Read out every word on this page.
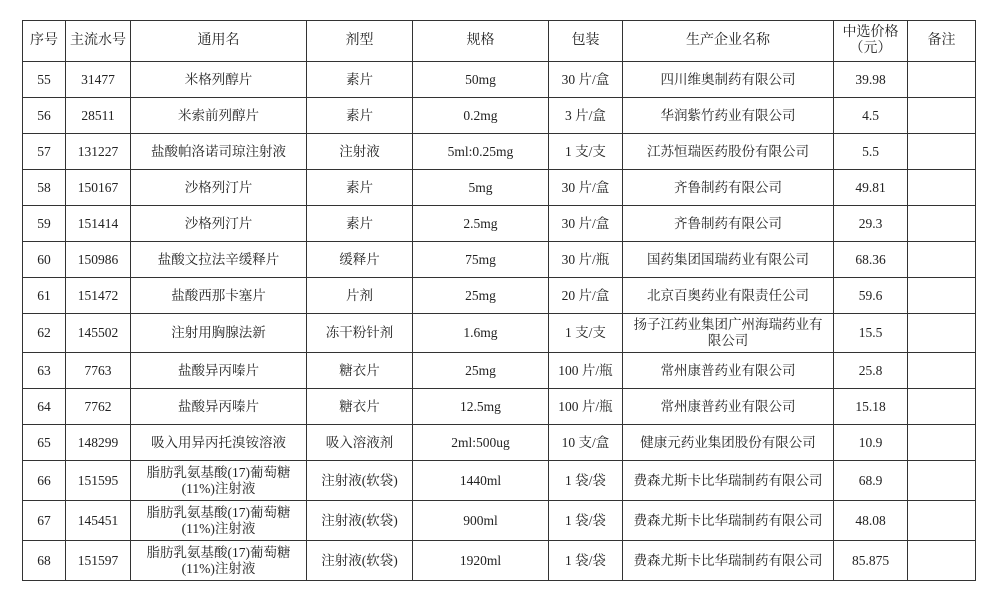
序号	主流水号	通用名	剂型	规格	包装	生产企业名称	中选价格（元）	备注
55	31477	米格列醇片	素片	50mg	30 片/盒	四川维奥制药有限公司	39.98	
56	28511	米索前列醇片	素片	0.2mg	3 片/盒	华润紫竹药业有限公司	4.5	
57	131227	盐酸帕洛诺司琼注射液	注射液	5ml:0.25mg	1 支/支	江苏恒瑞医药股份有限公司	5.5	
58	150167	沙格列汀片	素片	5mg	30 片/盒	齐鲁制药有限公司	49.81	
59	151414	沙格列汀片	素片	2.5mg	30 片/盒	齐鲁制药有限公司	29.3	
60	150986	盐酸文拉法辛缓释片	缓释片	75mg	30 片/瓶	国药集团国瑞药业有限公司	68.36	
61	151472	盐酸西那卡塞片	片剂	25mg	20 片/盒	北京百奥药业有限责任公司	59.6	
62	145502	注射用胸腺法新	冻干粉针剂	1.6mg	1 支/支	扬子江药业集团广州海瑞药业有限公司	15.5	
63	7763	盐酸异丙嗪片	糖衣片	25mg	100 片/瓶	常州康普药业有限公司	25.8	
64	7762	盐酸异丙嗪片	糖衣片	12.5mg	100 片/瓶	常州康普药业有限公司	15.18	
65	148299	吸入用异丙托溴铵溶液	吸入溶液剂	2ml:500ug	10 支/盒	健康元药业集团股份有限公司	10.9	
66	151595	脂肪乳氨基酸(17)葡萄糖(11%)注射液	注射液(软袋)	1440ml	1 袋/袋	费森尤斯卡比华瑞制药有限公司	68.9	
67	145451	脂肪乳氨基酸(17)葡萄糖(11%)注射液	注射液(软袋)	900ml	1 袋/袋	费森尤斯卡比华瑞制药有限公司	48.08	
68	151597	脂肪乳氨基酸(17)葡萄糖(11%)注射液	注射液(软袋)	1920ml	1 袋/袋	费森尤斯卡比华瑞制药有限公司	85.875	
